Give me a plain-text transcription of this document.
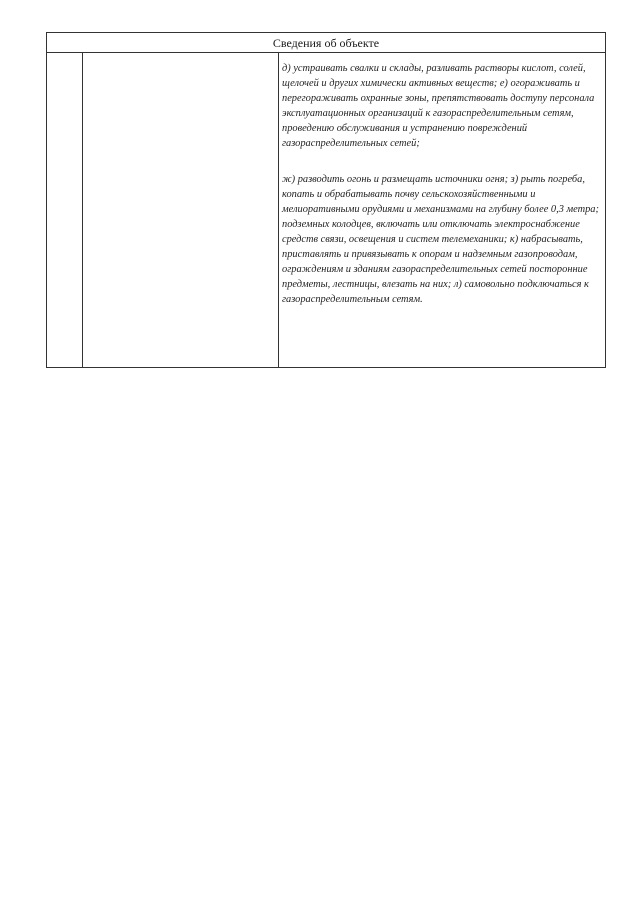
Сведения об объекте

д) устраивать свалки и склады, разливать растворы кислот, солей, щелочей и других химически активных веществ; е) огораживать и перегораживать охранные зоны, препятствовать доступу персонала эксплуатационных организаций к газораспределительным сетям, проведению обслуживания и устранению повреждений газораспределительных сетей;

ж) разводить огонь и размещать источники огня; з) рыть погреба, копать и обрабатывать почву сельскохозяйственными и мелиоративными орудиями и механизмами на глубину более 0,3 метра; подземных колодцев, включать или отключать электроснабжение средств связи, освещения и систем телемеханики; к) набрасывать, приставлять и привязывать к опорам и надземным газопроводам, ограждениям и зданиям газораспределительных сетей посторонние предметы, лестницы, влезать на них; л) самовольно подключаться к газораспределительным сетям.
